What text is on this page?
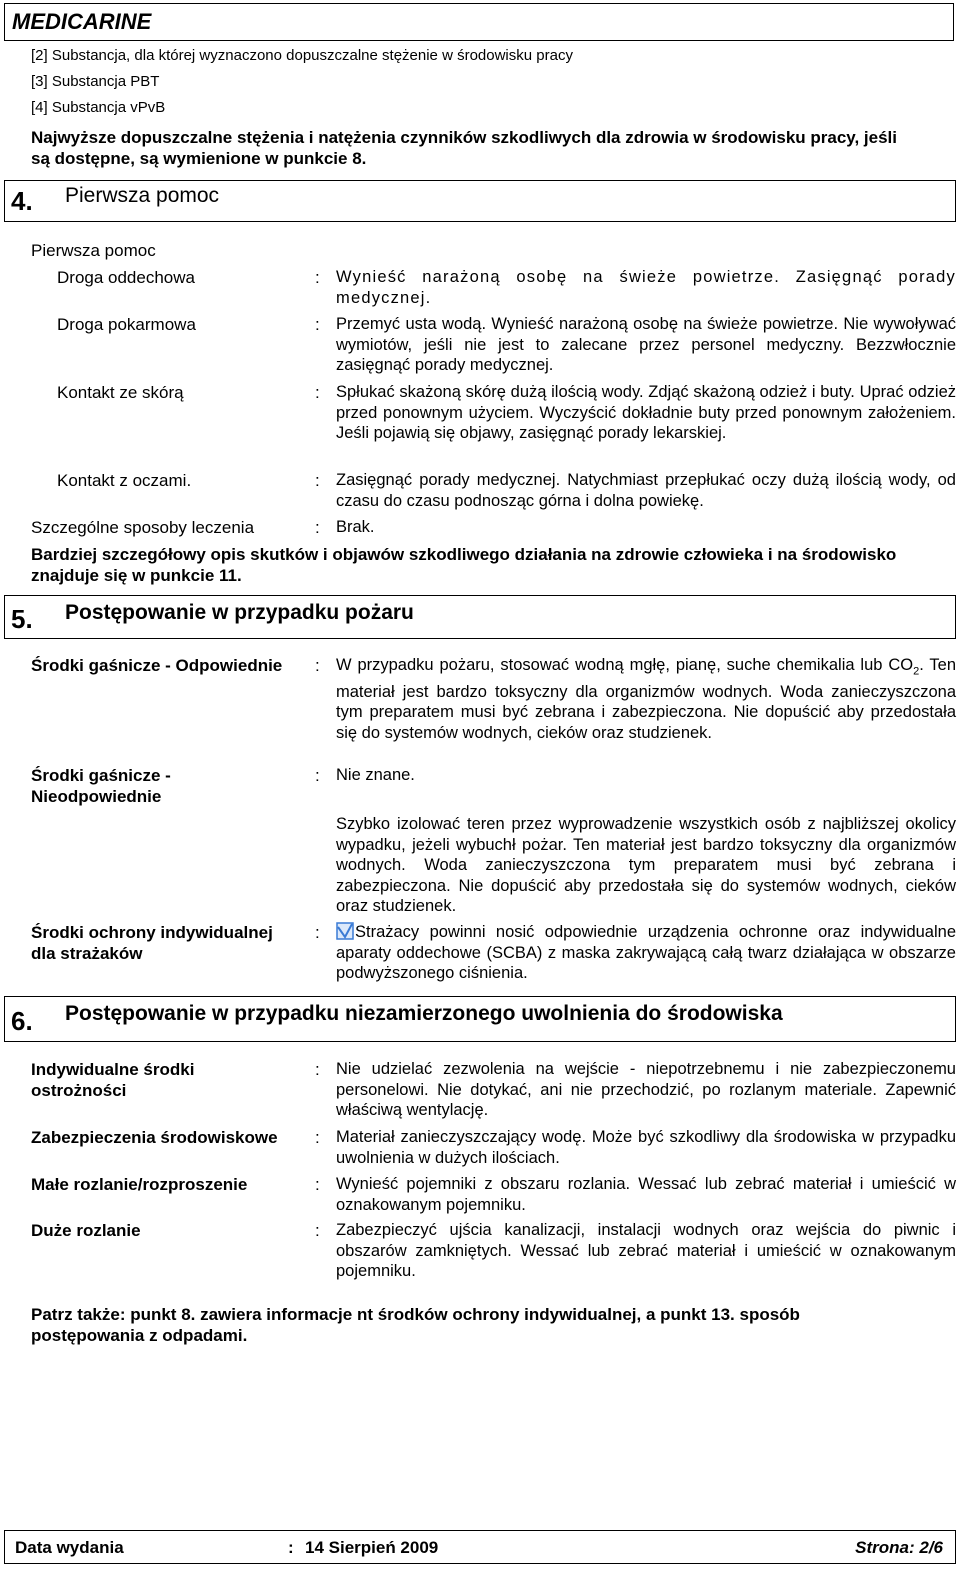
MEDICARINE
[2] Substancja, dla której wyznaczono dopuszczalne stężenie w środowisku pracy
[3] Substancja PBT
[4] Substancja vPvB
Najwyższe dopuszczalne stężenia i natężenia czynników szkodliwych dla zdrowia w środowisku pracy, jeśli są dostępne, są wymienione w punkcie 8.
4. Pierwsza pomoc
Pierwsza pomoc
Droga oddechowa	: Wynieść narażoną osobę na świeże powietrze. Zasięgnąć porady medycznej.
Droga pokarmowa	: Przemyć usta wodą. Wynieść narażoną osobę na świeże powietrze. Nie wywoływać wymiotów, jeśli nie jest to zalecane przez personel medyczny. Bezzwłocznie zasięgnąć porady medycznej.
Kontakt ze skórą	: Spłukać skażoną skórę dużą ilością wody. Zdjąć skażoną odzież i buty. Uprać odzież przed ponownym użyciem. Wyczyścić dokładnie buty przed ponownym założeniem. Jeśli pojawią się objawy, zasięgnąć porady lekarskiej.
Kontakt z oczami.	: Zasięgnąć porady medycznej. Natychmiast przepłukać oczy dużą ilością wody, od czasu do czasu podnosząc górna i dolna powiekę.
Szczególne sposoby leczenia	: Brak.
Bardziej szczegółowy opis skutków i objawów szkodliwego działania na zdrowie człowieka i na środowisko znajduje się w punkcie 11.
5. Postępowanie w przypadku pożaru
Środki gaśnicze - Odpowiednie : W przypadku pożaru, stosować wodną mgłę, pianę, suche chemikalia lub $CO_2$. Ten materiał jest bardzo toksyczny dla organizmów wodnych. Woda zanieczyszczona tym preparatem musi być zebrana i zabezpieczona. Nie dopuścić aby przedostała się do systemów wodnych, cieków oraz studzienek.
Środki gaśnicze - Nieodpowiednie
: Nie znane.
Szybko izolować teren przez wyprowadzenie wszystkich osób z najbliższej okolicy wypadku, jeżeli wybuchł pożar. Ten materiał jest bardzo toksyczny dla organizmów wodnych. Woda zanieczyszczona tym preparatem musi być zebrana i zabezpieczona. Nie dopuścić aby przedostała się do systemów wodnych, cieków oraz studzienek.
Środki ochrony indywidualnej dla strażaków
:	Strażacy powinni nosić odpowiednie urządzenia ochronne oraz indywidualne aparaty oddechowe (SCBA) z maska zakrywającą całą twarz działająca w obszarze podwyższonego ciśnienia.
6. Postępowanie w przypadku niezamierzonego uwolnienia do środowiska
Indywidualne środki ostrożności
: Nie udzielać zezwolenia na wejście - niepotrzebnemu i nie zabezpieczonemu personelowi. Nie dotykać, ani nie przechodzić, po rozlanym materiale. Zapewnić właściwą wentylację.
Zabezpieczenia środowiskowe : Materiał zanieczyszczający wodę. Może być szkodliwy dla środowiska w przypadku uwolnienia w dużych ilościach.
Małe rozlanie/rozproszenie	: Wynieść pojemniki z obszaru rozlania. Wessać lub zebrać materiał i umieścić w oznakowanym pojemniku.
Duże rozlanie	: Zabezpieczyć ujścia kanalizacji, instalacji wodnych oraz wejścia do piwnic i obszarów zamkniętych. Wessać lub zebrać materiał i umieścić w oznakowanym pojemniku.
Patrz także: punkt 8. zawiera informacje nt środków ochrony indywidualnej, a punkt 13. sposób postępowania z odpadami.
Data wydania	: 14 Sierpień 2009	Strona: 2/6
